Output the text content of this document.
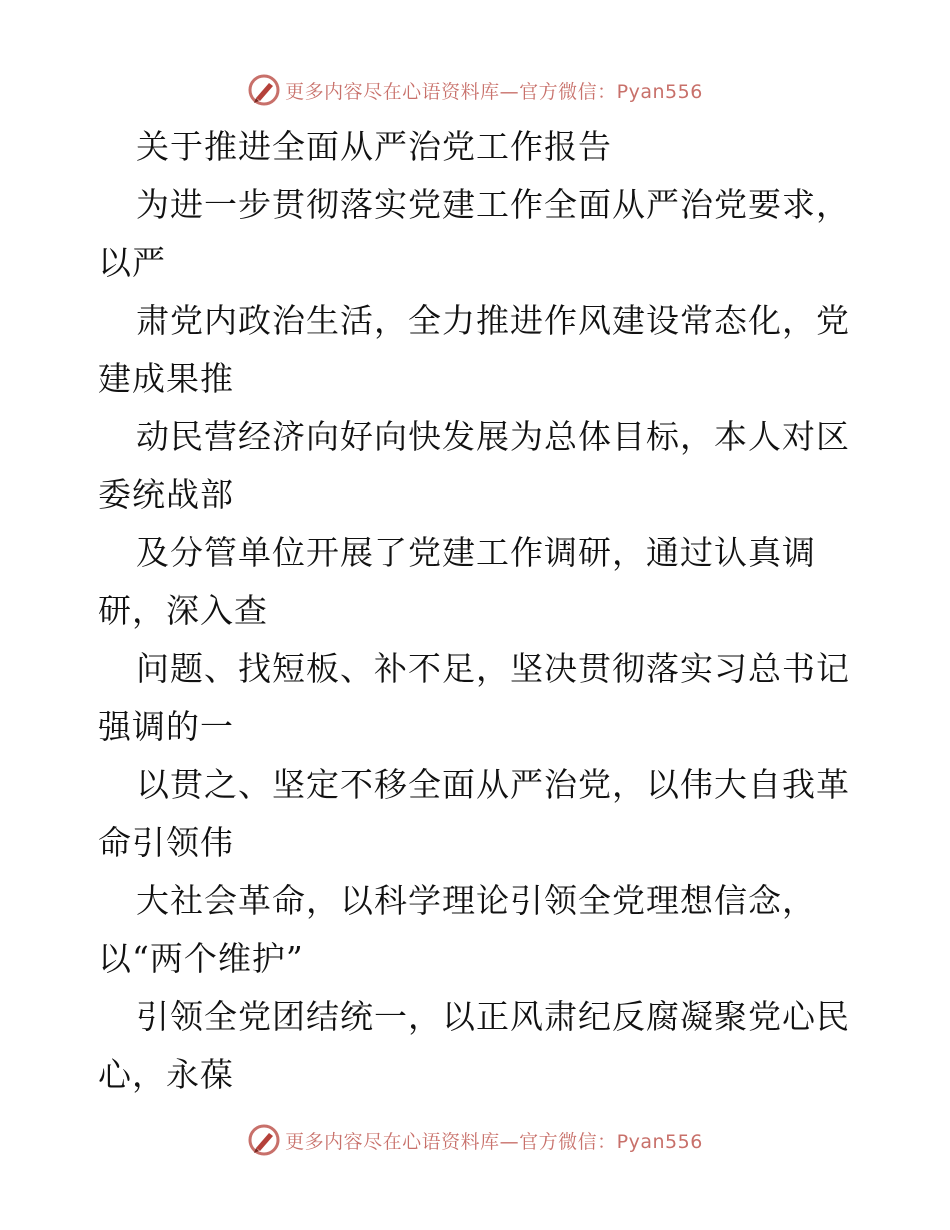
更多内容尽在心语资料库—官方微信：Pyan556
关于推进全面从严治党工作报告
为进一步贯彻落实党建工作全面从严治党要求，
以严
肃党内政治生活，全力推进作风建设常态化，党
建成果推
动民营经济向好向快发展为总体目标，本人对区
委统战部
及分管单位开展了党建工作调研，通过认真调
研，深入查
问题、找短板、补不足，坚决贯彻落实习总书记
强调的一
以贯之、坚定不移全面从严治党，以伟大自我革
命引领伟
大社会革命，以科学理论引领全党理想信念，
以“两个维护”
引领全党团结统一，以正风肃纪反腐凝聚党心民
心，永葆
更多内容尽在心语资料库—官方微信：Pyan556
